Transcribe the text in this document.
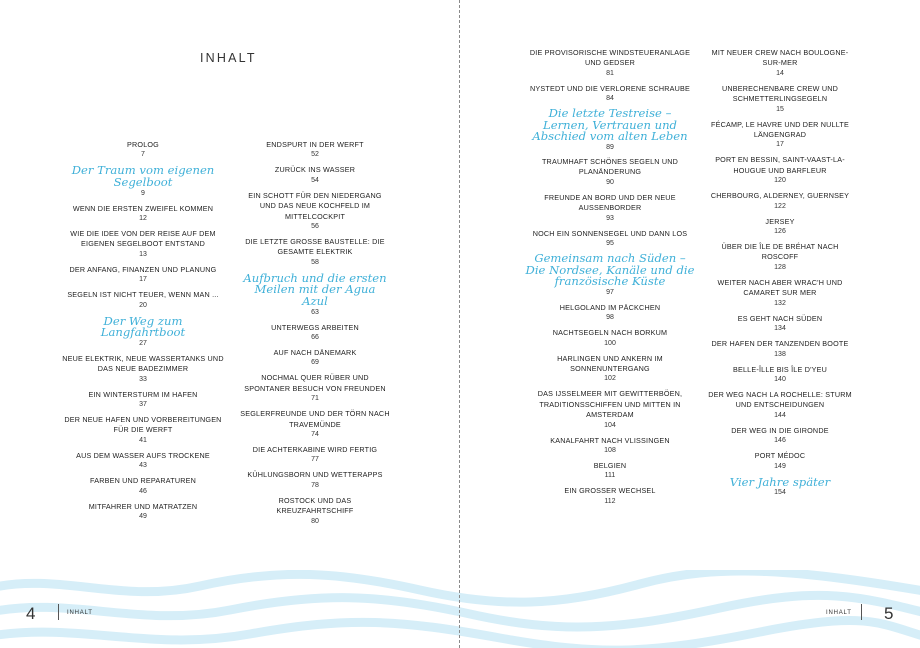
INHALT
PROLOG
7
Der Traum vom eigenen Segelboot
9
WENN DIE ERSTEN ZWEIFEL KOMMEN
12
WIE DIE IDEE VON DER REISE AUF DEM EIGENEN SEGELBOOT ENTSTAND
13
DER ANFANG, FINANZEN UND PLANUNG
17
SEGELN IST NICHT TEUER, WENN MAN ...
20
Der Weg zum Langfahrtboot
27
NEUE ELEKTRIK, NEUE WASSERTANKS UND DAS NEUE BADEZIMMER
33
EIN WINTERSTURM IM HAFEN
37
DER NEUE HAFEN UND VORBEREITUNGEN FÜR DIE WERFT
41
AUS DEM WASSER AUFS TROCKENE
43
FARBEN UND REPARATUREN
46
MITFAHRER UND MATRATZEN
49
ENDSPURT IN DER WERFT
52
ZURÜCK INS WASSER
54
EIN SCHOTT FÜR DEN NIEDERGANG UND DAS NEUE KOCHFELD IM MITTELCOCKPIT
56
DIE LETZTE GROSSE BAUSTELLE: DIE GESAMTE ELEKTRIK
58
Aufbruch und die ersten Meilen mit der Agua Azul
63
UNTERWEGS ARBEITEN
66
AUF NACH DÄNEMARK
69
NOCHMAL QUER RÜBER UND SPONTANER BESUCH VON FREUNDEN
71
SEGLERFREUNDE UND DER TÖRN NACH TRAVEMÜNDE
74
DIE ACHTERKABINE WIRD FERTIG
77
KÜHLUNGSBORN UND WETTERAPPS
78
ROSTOCK UND DAS KREUZFAHRTSCHIFF
80
DIE PROVISORISCHE WINDSTEUERANLAGE UND GEDSER
81
NYSTEDT UND DIE VERLORENE SCHRAUBE
84
Die letzte Testreise – Lernen, Vertrauen und Abschied vom alten Leben
89
TRAUMHAFT SCHÖNES SEGELN UND PLANÄNDERUNG
90
FREUNDE AN BORD UND DER NEUE AUSSENBORDER
93
NOCH EIN SONNENSEGEL UND DANN LOS
95
Gemeinsam nach Süden – Die Nordsee, Kanäle und die französische Küste
97
HELGOLAND IM PÄCKCHEN
98
NACHTSEGELN NACH BORKUM
100
HARLINGEN UND ANKERN IM SONNENUNTERGANG
102
DAS IJSSELMEER MIT GEWITTERBÖEN, TRADITIONSSCHIFFEN UND MITTEN IN AMSTERDAM
104
KANALFAHRT NACH VLISSINGEN
108
BELGIEN
111
EIN GROSSER WECHSEL
112
MIT NEUER CREW NACH BOULOGNE-SUR-MER
14
UNBERECHENBARE CREW UND SCHMETTERLINGSEGELN
15
FÉCAMP, LE HAVRE UND DER NULLTE LÄNGENGRAD
17
PORT EN BESSIN, SAINT-VAAST-LA-HOUGUE UND BARFLEUR
120
CHERBOURG, ALDERNEY, GUERNSEY
122
JERSEY
126
ÜBER DIE ÎLE DE BRÉHAT NACH ROSCOFF
128
WEITER NACH ABER WRAC'H UND CAMARET SUR MER
132
ES GEHT NACH SÜDEN
134
DER HAFEN DER TANZENDEN BOOTE
138
BELLE-ÎLLE BIS ÎLE D'YEU
140
DER WEG NACH LA ROCHELLE: STURM UND ENTSCHEIDUNGEN
144
DER WEG IN DIE GIRONDE
146
PORT MÉDOC
149
Vier Jahre später
154
4	INHALT	INHALT 5
